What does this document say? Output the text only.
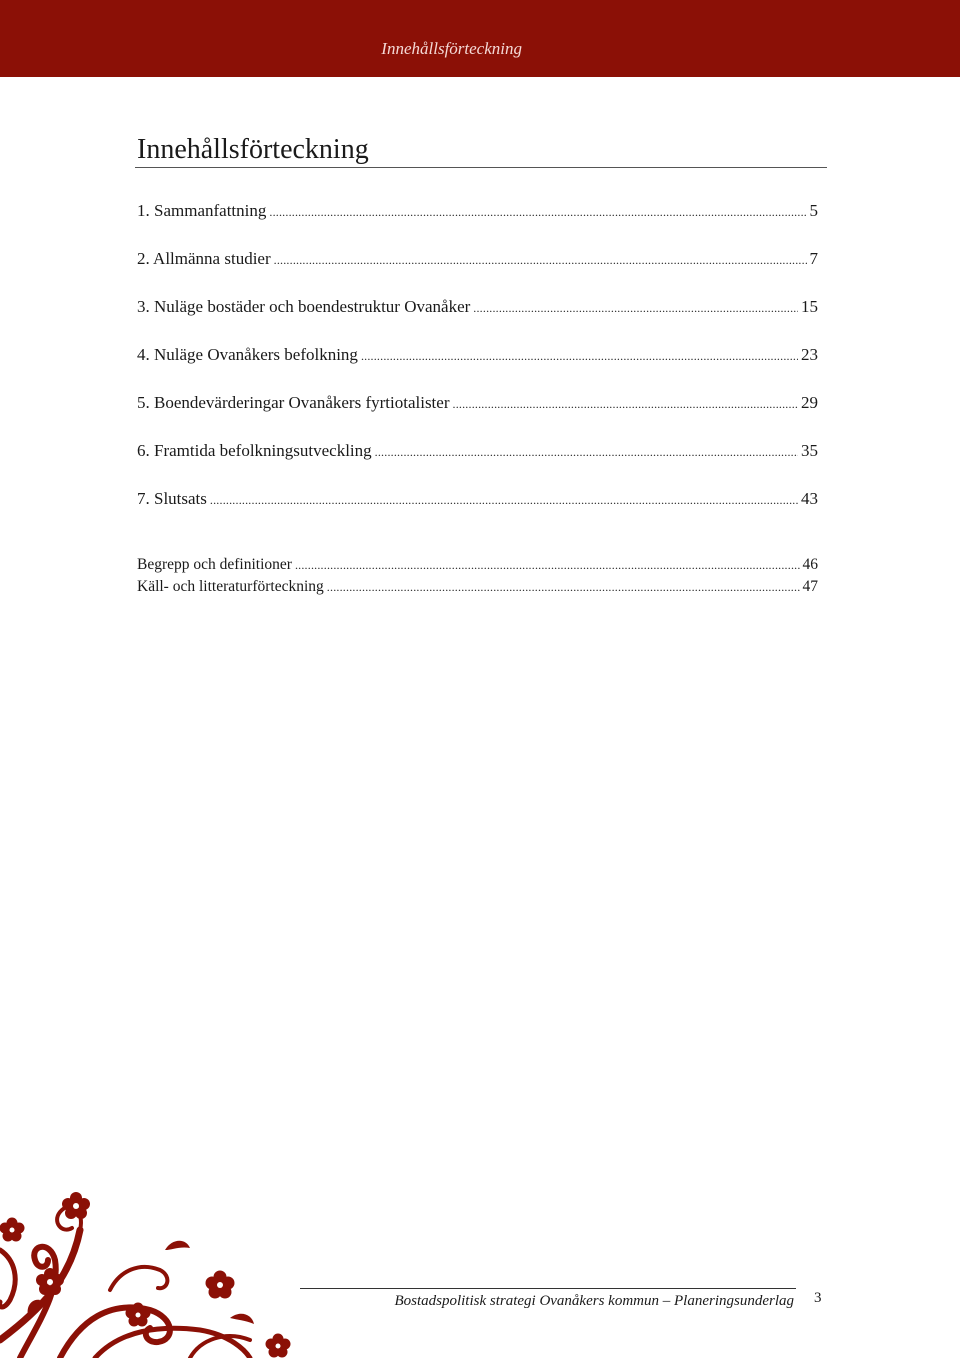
Innehållsförteckning
Innehållsförteckning
1. Sammanfattning .....	5
2. Allmänna studier .....	7
3. Nuläge bostäder och boendestruktur Ovanåker .....	15
4. Nuläge Ovanåkers befolkning .....	23
5. Boendevärderingar Ovanåkers fyrtiotalister .....	29
6. Framtida befolkningsutveckling .....	35
7. Slutsats .....	43
Begrepp och definitioner .....	46
Käll- och litteraturförteckning .....	47
Bostadspolitisk strategi Ovanåkers kommun – Planeringsunderlag 3
